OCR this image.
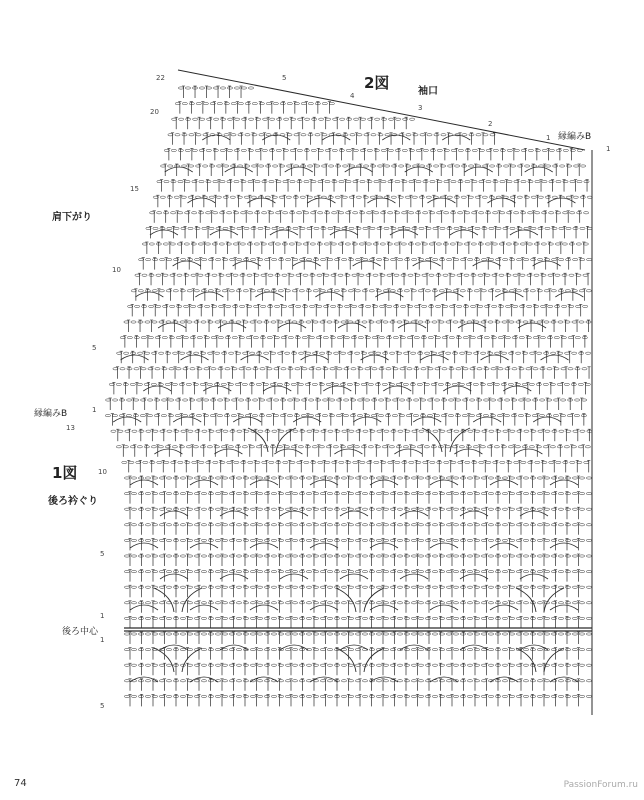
2図	袖口
縁編みB
肩下がり
縁編みB
1図
後ろ衿ぐり
後ろ中心
22
20
15
10
5
1
13
10
5
1
1
5
5
4
3
2
1
1
74	PassionForum.ru
